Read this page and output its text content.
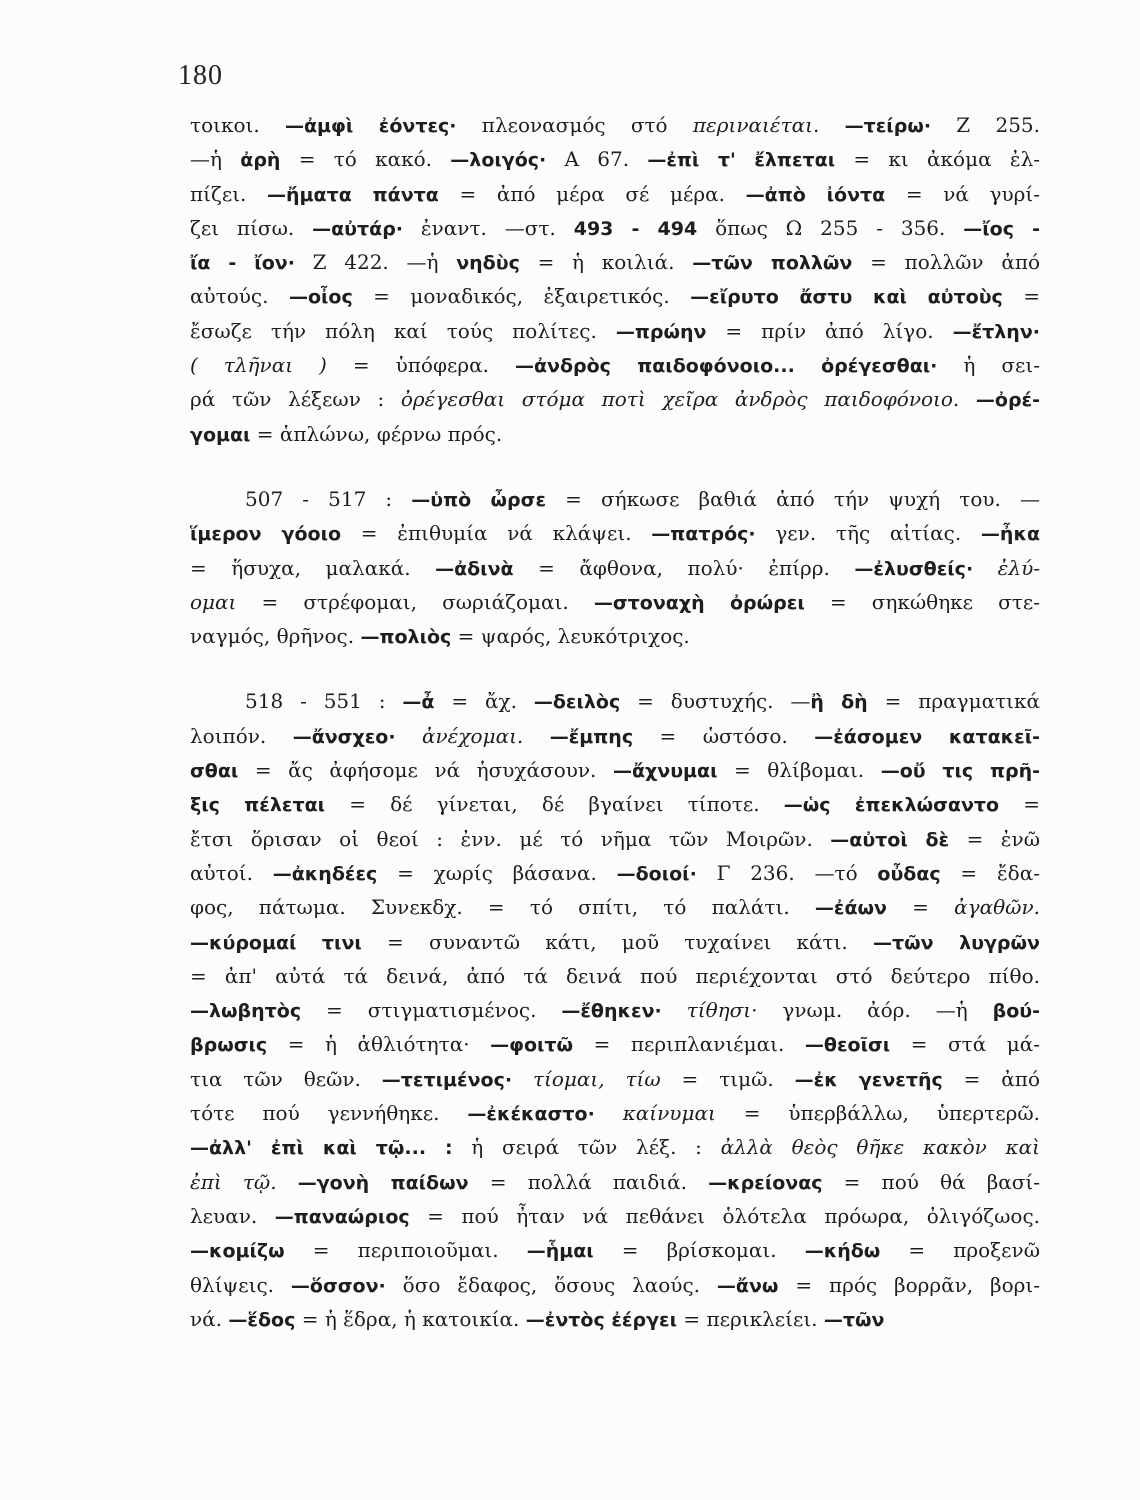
180
τοικοι. —ἀμφὶ ἐόντες· πλεονασμός στό περιναιέται. —τείρω· Ζ 255.
—ἡ ἀρὴ = τό κακό. —λοιγός· Α 67. —ἐπὶ τ' ἔλπεται = κι ἀκόμα ἐλ-
πίζει. —ἤματα πάντα = ἀπό μέρα σέ μέρα. —ἀπὸ ἰόντα = νά γυρί-
ζει πίσω. —αὐτάρ· ἐναντ. —στ. 493 - 494 ὅπως Ω 255 - 356. —ἴος -
ἴα - ἴον· Ζ 422. —ἡ νηδὺς = ἡ κοιλιά. —τῶν πολλῶν = πολλῶν ἀπό
αὐτούς. —οἶος = μοναδικός, ἐξαιρετικός. —εἴρυτο ἄστυ καὶ αὐτοὺς =
ἔσωζε τήν πόλη καί τούς πολίτες. —πρώην = πρίν ἀπό λίγο. —ἔτλην·
( τλῆναι ) = ὑπόφερα. —ἀνδρὸς παιδοφόνοιο... ὀρέγεσθαι· ἡ σει-
ρά τῶν λέξεων : ὀρέγεσθαι στόμα ποτὶ χεῖρα ἀνδρὸς παιδοφόνοιο. —ὀρέ-
γομαι = ἁπλώνω, φέρνω πρός.
507 - 517 : —ὑπὸ ὦρσε = σήκωσε βαθιά ἀπό τήν ψυχή του. —
ἵμερον γόοιο = ἐπιθυμία νά κλάψει. —πατρός· γεν. τῆς αἰτίας. —ἦκα
= ἥσυχα, μαλακά. —ἀδινὰ = ἄφθονα, πολύ· ἐπίρρ. —ἐλυσθείς· ἐλύ-
ομαι = στρέφομαι, σωριάζομαι. —στοναχὴ ὀρώρει = σηκώθηκε στε-
ναγμός, θρῆνος. —πολιὸς = ψαρός, λευκότριχος.
518 - 551 : —ἆ = ἄχ. —δειλὸς = δυστυχής. —ἢ δὴ = πραγματικά
λοιπόν. —ἄνσχεο· ἀνέχομαι. —ἔμπης = ὡστόσο. —ἐάσομεν κατακεῖ-
σθαι = ἄς ἀφήσομε νά ἡσυχάσουν. —ἄχνυμαι = θλίβομαι. —οὔ τις πρῆ-
ξις πέλεται = δέ γίνεται, δέ βγαίνει τίποτε. —ὡς ἐπεκλώσαντο =
ἔτσι ὅρισαν οἱ θεοί : ἐνν. μέ τό νῆμα τῶν Μοιρῶν. —αὐτοὶ δὲ = ἐνῶ
αὐτοί. —ἀκηδέες = χωρίς βάσανα. —δοιοί· Γ 236. —τό οὖδας = ἔδα-
φος, πάτωμα. Συνεκδχ. = τό σπίτι, τό παλάτι. —ἐάων = ἀγαθῶν.
—κύρομαί τινι = συναντῶ κάτι, μοῦ τυχαίνει κάτι. —τῶν λυγρῶν
= ἀπ' αὐτά τά δεινά, ἀπό τά δεινά πού περιέχονται στό δεύτερο πίθο.
—λωβητὸς = στιγματισμένος. —ἔθηκεν· τίθησι· γνωμ. ἀόρ. —ἡ βού-
βρωσις = ἡ ἀθλιότητα· —φοιτῶ = περιπλανιέμαι. —θεοῖσι = στά μά-
τια τῶν θεῶν. —τετιμένος· τίομαι, τίω = τιμῶ. —ἐκ γενετῆς = ἀπό
τότε πού γεννήθηκε. —ἐκέκαστο· καίνυμαι = ὑπερβάλλω, ὑπερτερῶ.
—ἀλλ' ἐπὶ καὶ τῷ... : ἡ σειρά τῶν λέξ. : ἀλλὰ θεὸς θῆκε κακὸν καὶ
ἐπὶ τῷ. —γονὴ παίδων = πολλά παιδιά. —κρείονας = πού θά βασί-
λευαν. —παναώριος = πού ἦταν νά πεθάνει ὁλότελα πρόωρα, ὀλιγόζωος.
—κομίζω = περιποιοῦμαι. —ἧμαι = βρίσκομαι. —κήδω = προξενῶ
θλίψεις. —ὅσσον· ὅσο ἔδαφος, ὅσους λαούς. —ἄνω = πρός βορρᾶν, βορι-
νά. —ἕδος = ἡ ἕδρα, ἡ κατοικία. —ἐντὸς ἐέργει = περικλείει. —τῶν
